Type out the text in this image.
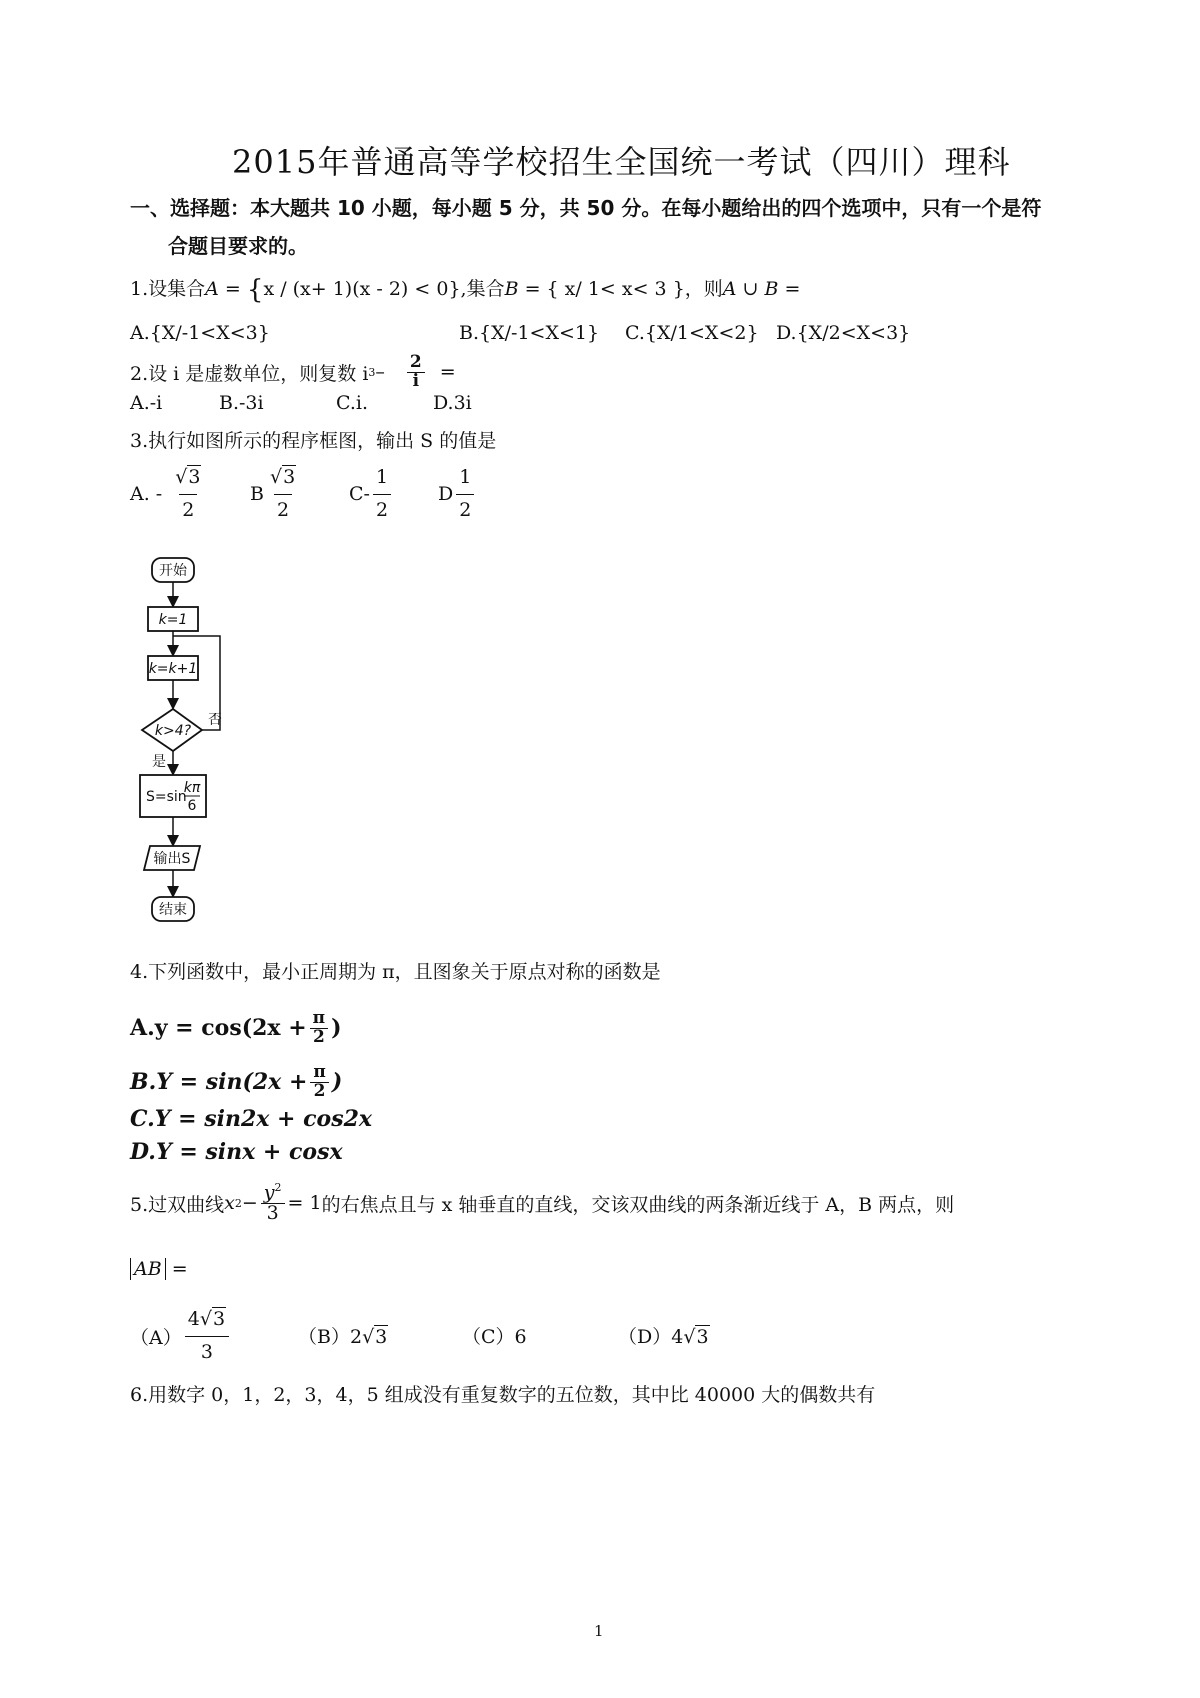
2015年普通高等学校招生全国统一考试（四川）理科
一、选择题：本大题共 10 小题，每小题 5 分，共 50 分。在每小题给出的四个选项中，只有一个是符
合题目要求的。
1.设集合A = {x / (x+ 1)(x - 2) < 0},集合B = { x/ 1< x< 3 }，则A ∪ B =
A.{X/-1<X<3}	B.{X/-1<X<1} C.{X/1<X<2} D.{X/2<X<3}
2.设 i 是虚数单位，则复数 i $3 - \frac{2}{i}$ =
A.-i	B.-3i	C.i.	D.3i
3.执行如图所示的程序框图，输出 S 的值是
A. - $\frac{√3}{2}$ B $\frac{√3}{2}$	$C- \frac{1}{2}$ D $\frac{1}{2}$
开始
k=1
k=k+1
k>4?
否
是
S=sin
kπ
6
输出S
结束
4.下列函数中，最小正周期为 π，且图象关于原点对称的函数是
$A.y = \cos(2x + \frac{\pi}{2}$ )
$B.Y = \sin(2x + \frac{\pi}{2}$ )
C.Y = sin2x + cos2x
D.Y = sinx + cosx
5.过双曲线 x $2 - \frac{y^2}{3} = 1$ 的右焦点且与 x 轴垂直的直线，交该双曲线的两条渐近线于 A，B 两点，则
AB =
$(A) \frac{4√3}{3}$	（B）2√3	（C）6	（D）4√3
6.用数字 0，1，2，3，4，5 组成没有重复数字的五位数，其中比 40000 大的偶数共有
1
